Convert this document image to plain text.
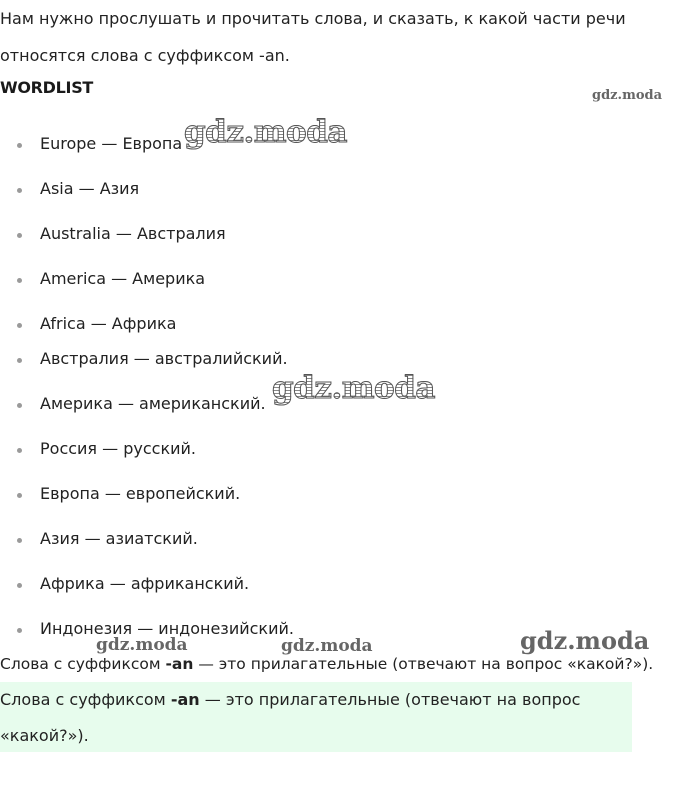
Нам нужно прослушать и прочитать слова, и сказать, к какой части речи относятся слова с суффиксом -an.
WORDLIST	gdz.moda
Europe — Европа
Asia — Азия
Australia — Австралия
America — Америка
Africa — Африка
Австралия — австралийский.
Америка — американский.
Россия — русский.
Европа — европейский.
Азия — азиатский.
Африка — африканский.
Индонезия — индонезийский.
gdz.moda
gdz.moda
gdz.moda	gdz.moda	gdz.moda
Слова с суффиксом -an — это прилагательные (отвечают на вопрос «какой?»).
Слова с суффиксом -an — это прилагательные (отвечают на вопрос «какой?»).
